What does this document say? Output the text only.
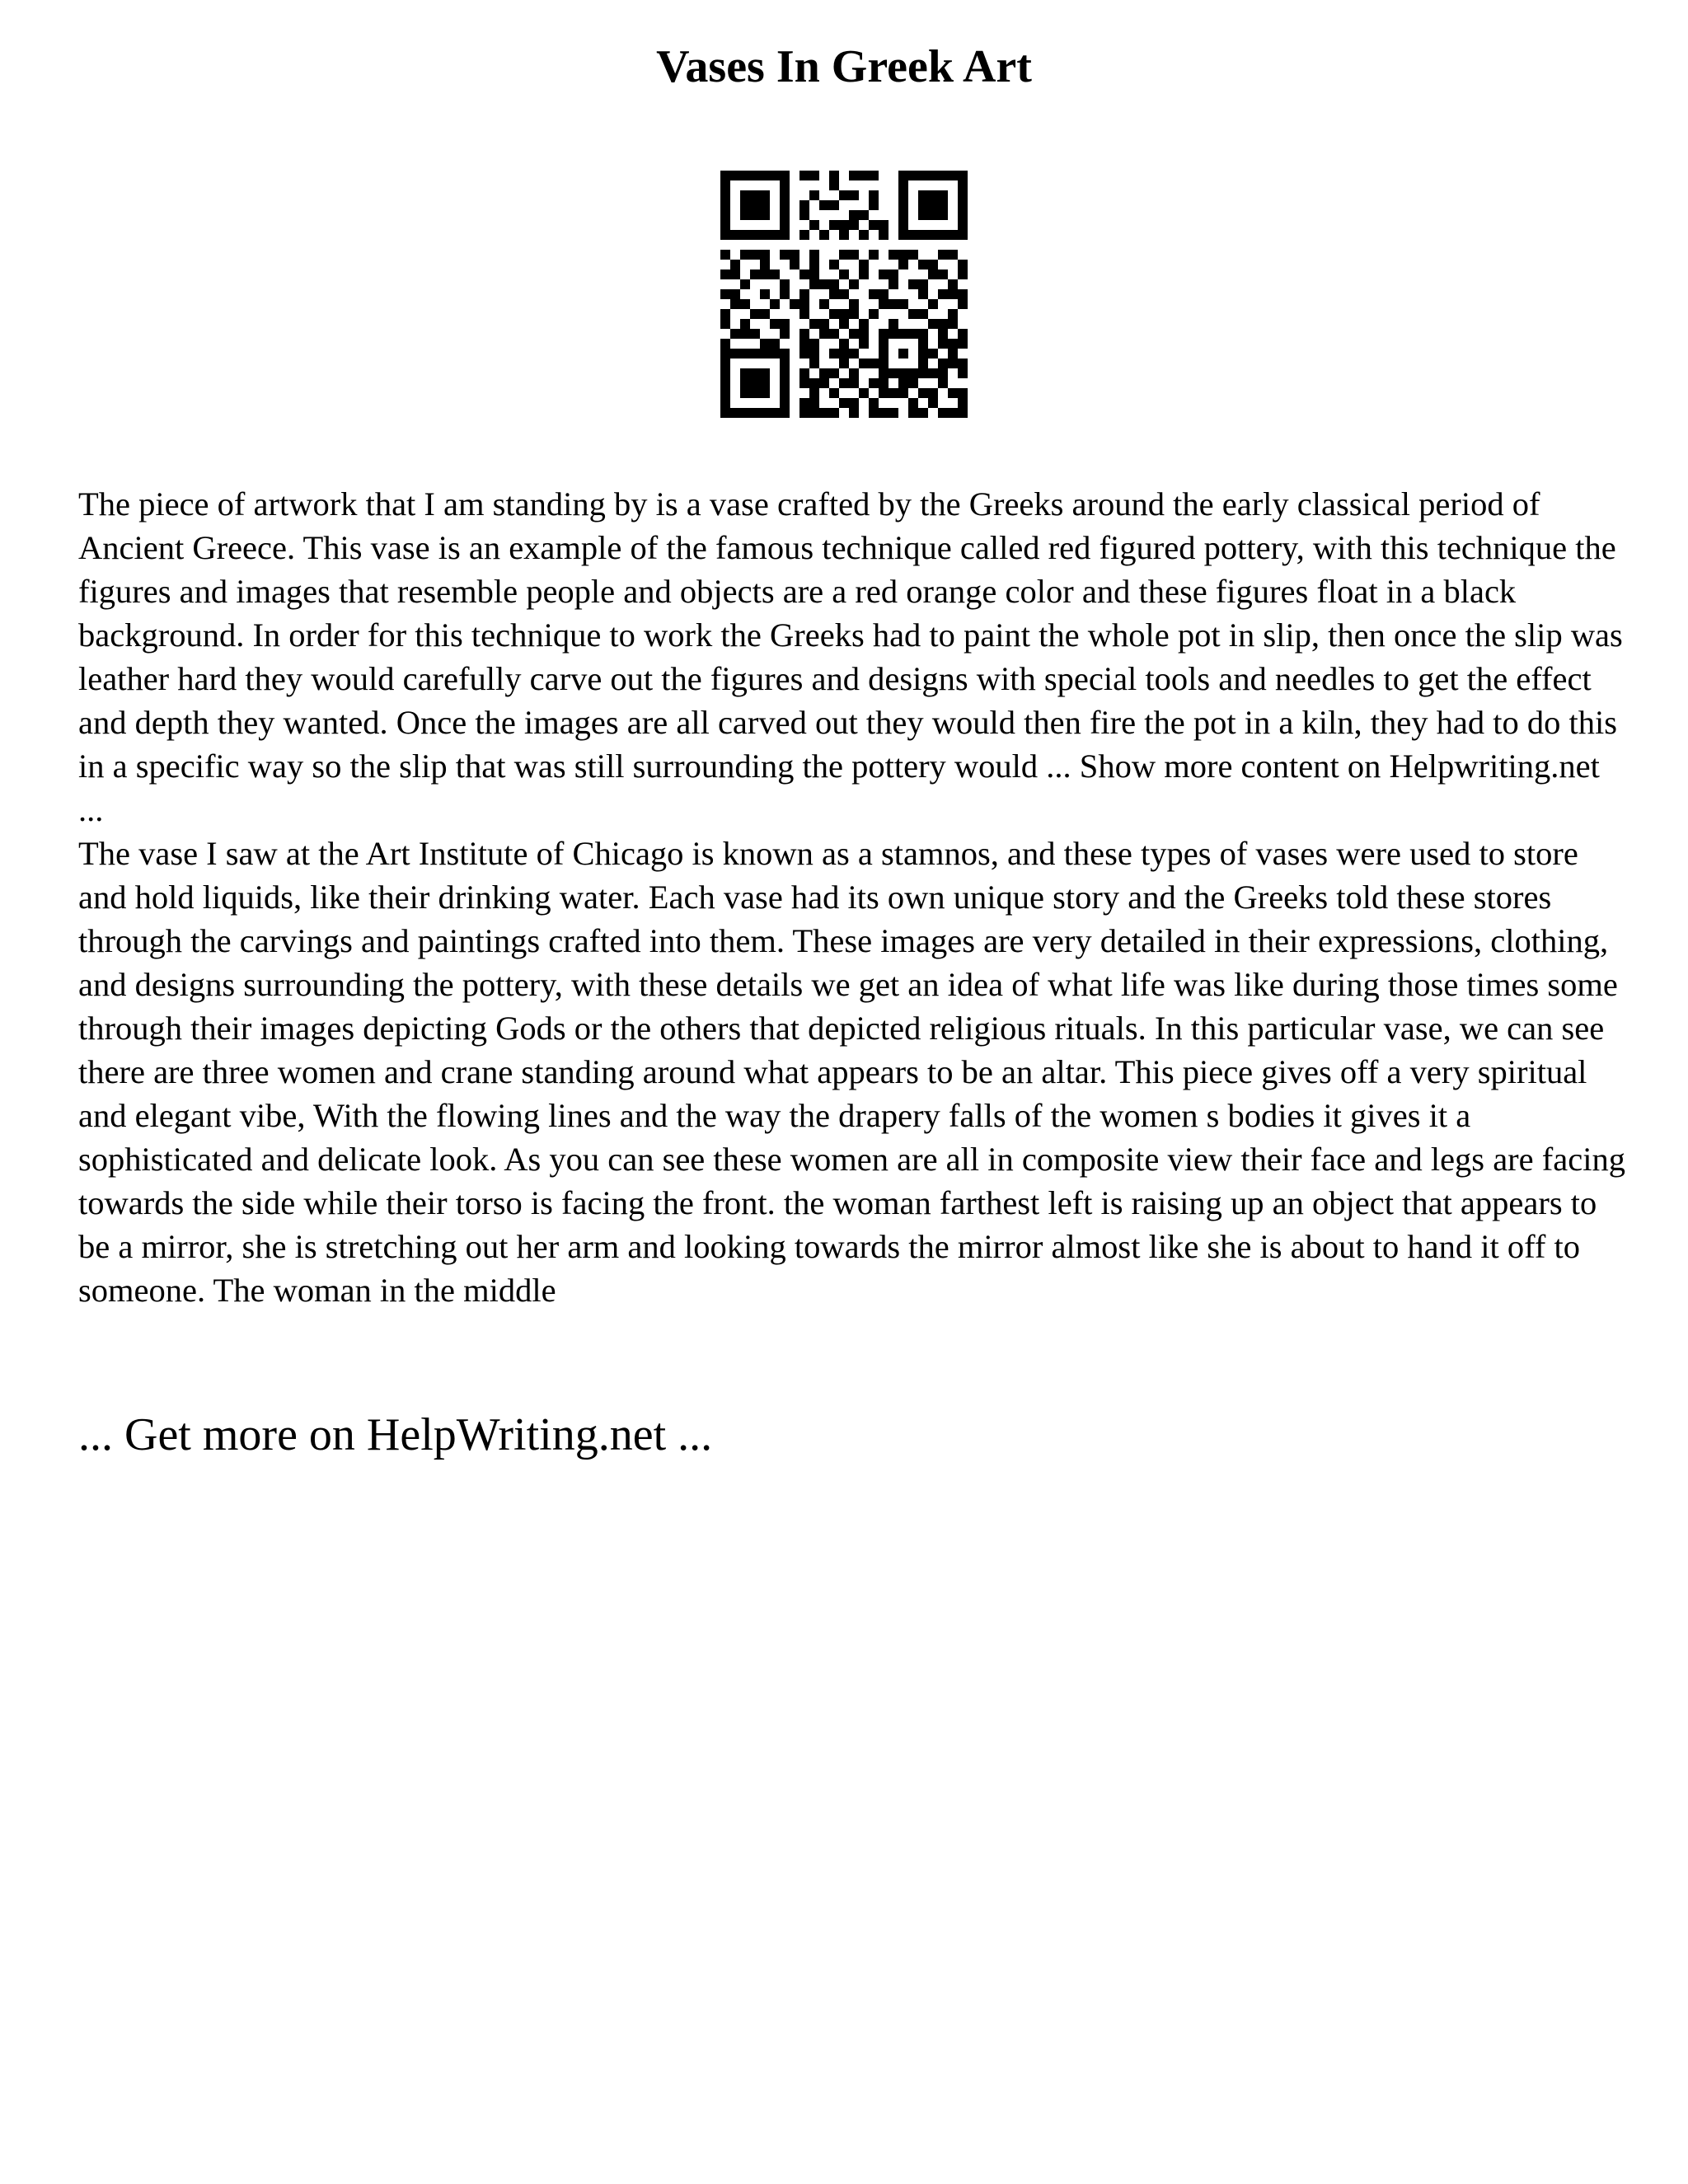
Vases In Greek Art

The piece of artwork that I am standing by is a vase crafted by the Greeks around the early classical period of Ancient Greece. This vase is an example of the famous technique called red figured pottery, with this technique the figures and images that resemble people and objects are a red orange color and these figures float in a black background. In order for this technique to work the Greeks had to paint the whole pot in slip, then once the slip was leather hard they would carefully carve out the figures and designs with special tools and needles to get the effect and depth they wanted. Once the images are all carved out they would then fire the pot in a kiln, they had to do this in a specific way so the slip that was still surrounding the pottery would ... Show more content on Helpwriting.net ...

The vase I saw at the Art Institute of Chicago is known as a stamnos, and these types of vases were used to store and hold liquids, like their drinking water. Each vase had its own unique story and the Greeks told these stores through the carvings and paintings crafted into them. These images are very detailed in their expressions, clothing, and designs surrounding the pottery, with these details we get an idea of what life was like during those times some through their images depicting Gods or the others that depicted religious rituals. In this particular vase, we can see there are three women and crane standing around what appears to be an altar. This piece gives off a very spiritual and elegant vibe, With the flowing lines and the way the drapery falls of the women s bodies it gives it a sophisticated and delicate look. As you can see these women are all in composite view their face and legs are facing towards the side while their torso is facing the front. the woman farthest left is raising up an object that appears to be a mirror, she is stretching out her arm and looking towards the mirror almost like she is about to hand it off to someone. The woman in the middle

... Get more on HelpWriting.net ...
